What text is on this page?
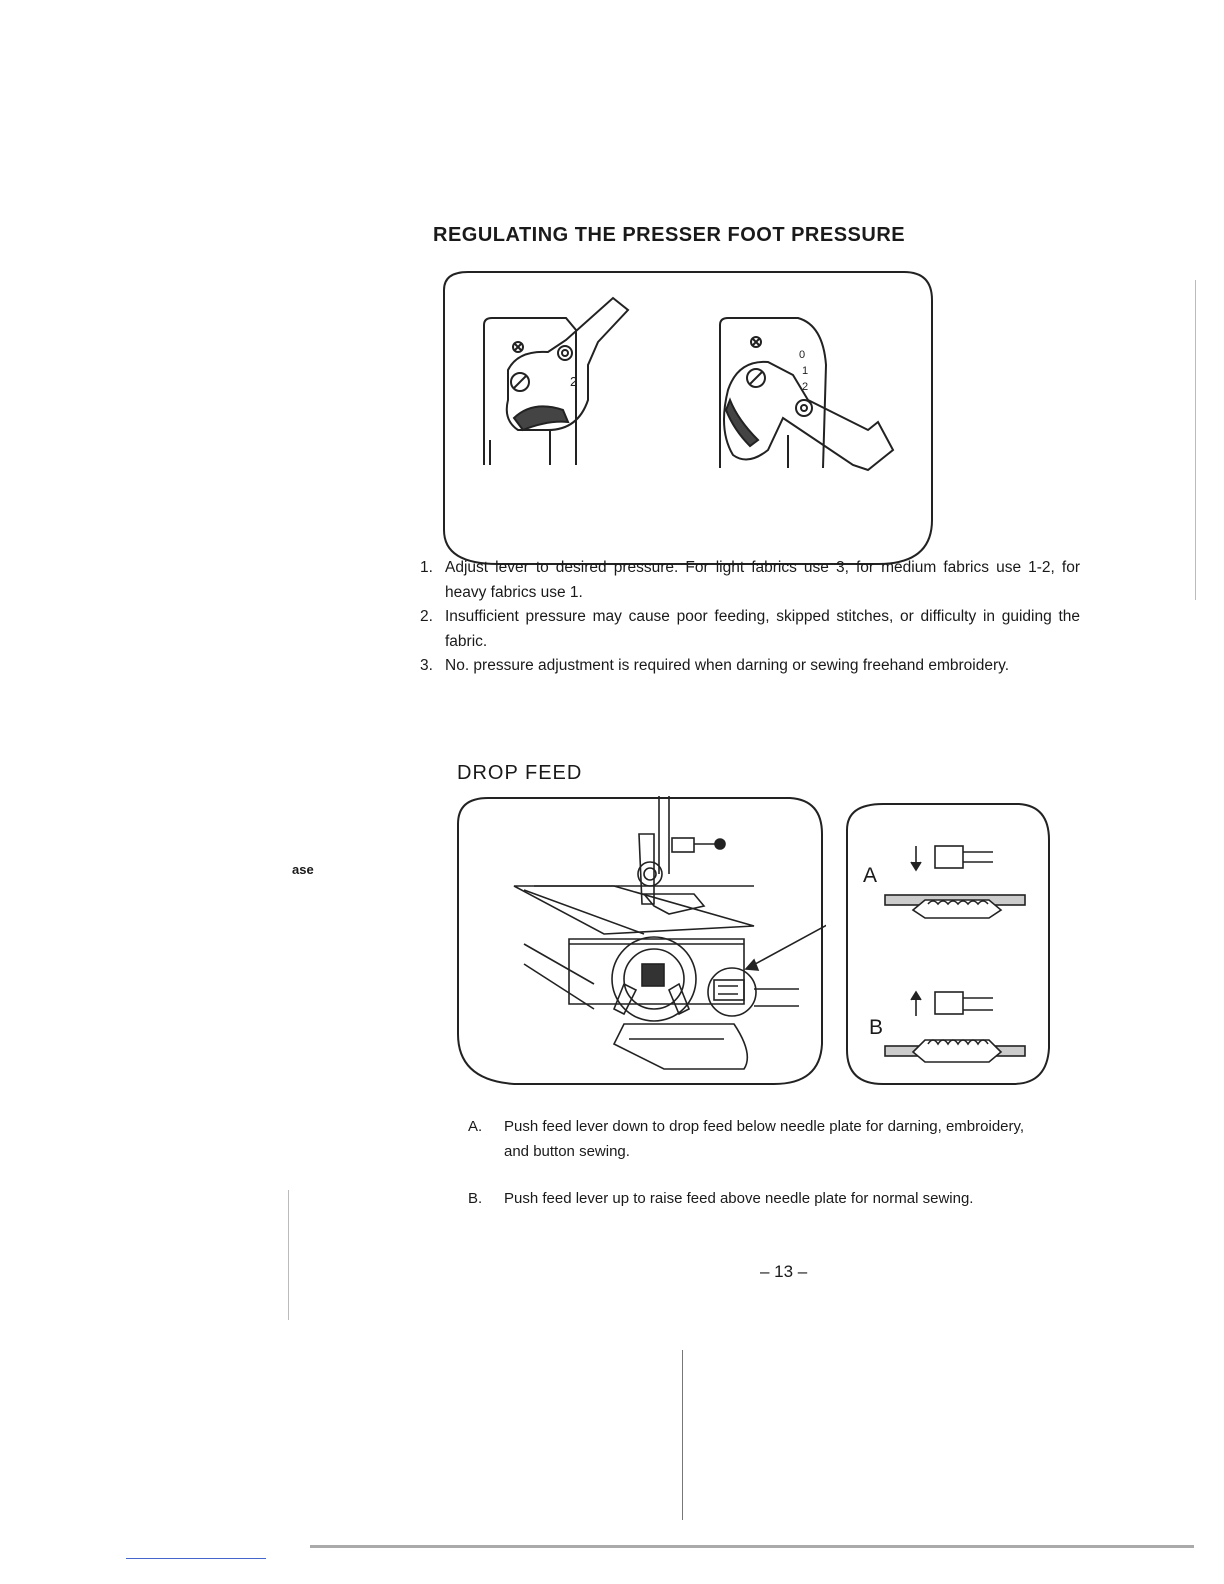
REGULATING THE PRESSER FOOT PRESSURE
2
0
1
2
1. Adjust lever to desired pressure. For light fabrics use 3, for medium fabrics use 1-2, for heavy fabrics use 1.
2. Insufficient pressure may cause poor feeding, skipped stitches, or difficulty in guiding the fabric.
3. No. pressure adjustment is required when darning or sewing freehand embroidery.
DROP FEED
A
B
A. Push feed lever down to drop feed below needle plate for darning, embroidery, and button sewing.
B. Push feed lever up to raise feed above needle plate for normal sewing.
– 13 –
ase
